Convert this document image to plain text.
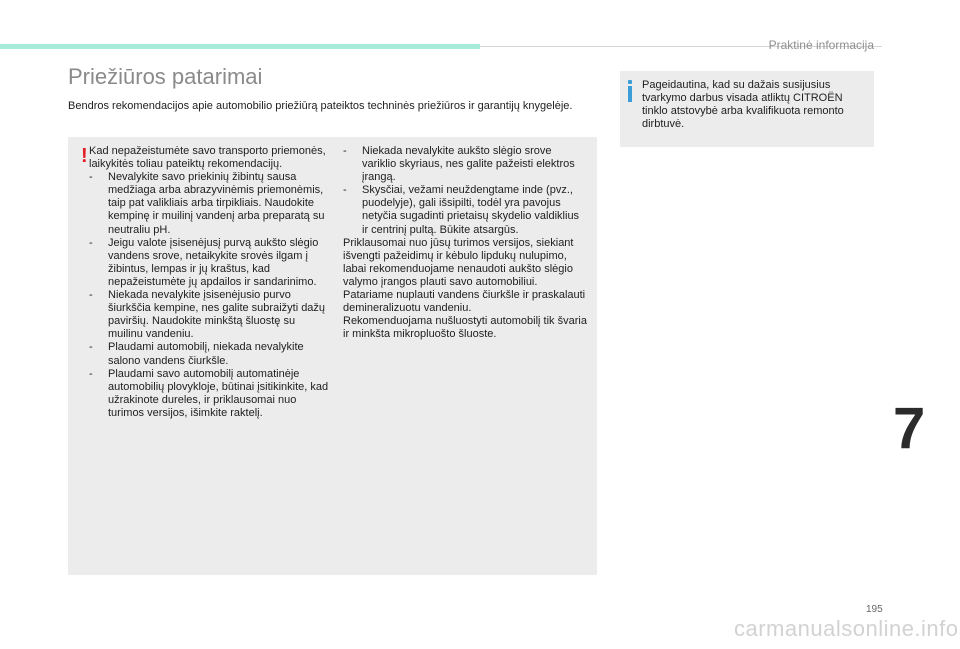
Praktinė informacija
Priežiūros patarimai

Bendros rekomendacijos apie automobilio priežiūrą pateiktos techninės priežiūros ir garantijų knygelėje.

! Kad nepažeistumėte savo transporto priemonės, laikykitės toliau pateiktų rekomendacijų.

- Nevalykite savo priekinių žibintų sausa medžiaga arba abrazyvinėmis priemonėmis, taip pat valikliais arba tirpikliais. Naudokite kempinę ir muilinį vandenį arba preparatą su neutraliu pH.
- Jeigu valote įsisenėjusį purvą aukšto slėgio vandens srove, netaikykite srovės ilgam į žibintus, lempas ir jų kraštus, kad nepažeistumėte jų apdailos ir sandarinimo.
- Niekada nevalykite įsisenėjusio purvo šiurkščia kempine, nes galite subraižyti dažų paviršių. Naudokite minkštą šluostę su muilinu vandeniu.
- Plaudami automobilį, niekada nevalykite salono vandens čiurkšle.
- Plaudami savo automobilį automatinėje automobilių plovykloje, būtinai įsitikinkite, kad užrakinote dureles, ir priklausomai nuo turimos versijos, išimkite raktelį.
- Niekada nevalykite aukšto slėgio srove variklio skyriaus, nes galite pažeisti elektros įrangą.
- Skysčiai, vežami neuždengtame inde (pvz., puodelyje), gali išsipilti, todėl yra pavojus netyčia sugadinti prietaisų skydelio valdiklius ir centrinį pultą. Būkite atsargūs.

Priklausomai nuo jūsų turimos versijos, siekiant išvengti pažeidimų ir kėbulo lipdukų nulupimo, labai rekomenduojame nenaudoti aukšto slėgio valymo įrangos plauti savo automobiliui. Patariame nuplauti vandens čiurkšle ir praskalauti demineralizuotu vandeniu.

Rekomenduojama nušluostyti automobilį tik švaria ir minkšta mikropluošto šluoste.

Pageidautina, kad su dažais susijusius tvarkymo darbus visada atliktų CITROËN tinklo atstovybė arba kvalifikuota remonto dirbtuvė.

7
195
carmanualsonline.info
